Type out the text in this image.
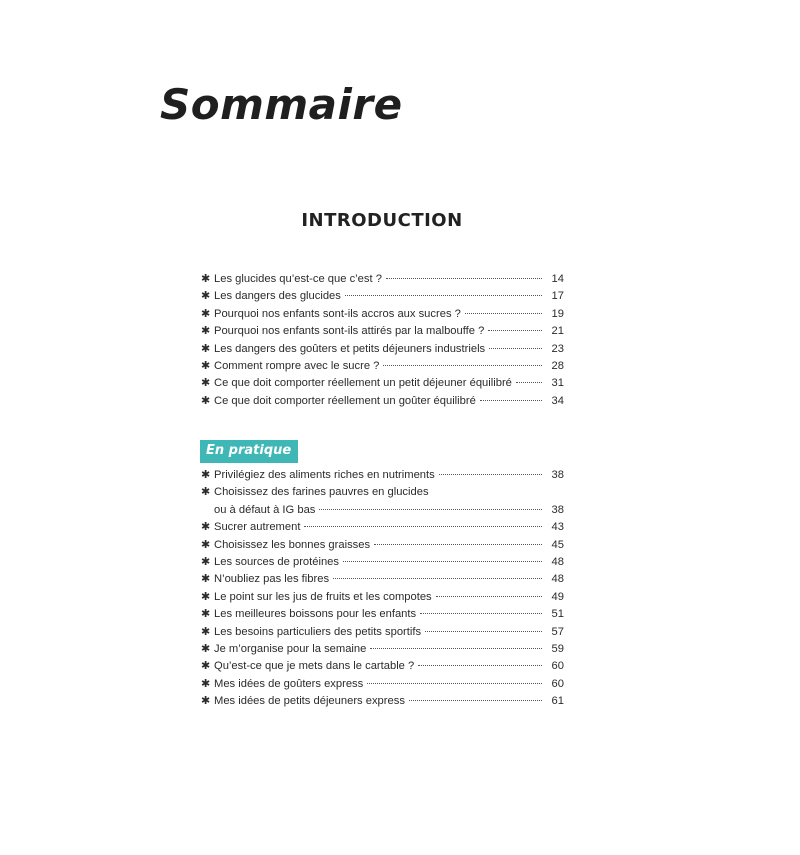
Sommaire
INTRODUCTION
✱ Les glucides qu’est-ce que c’est ?	14
✱ Les dangers des glucides	17
✱ Pourquoi nos enfants sont-ils accros aux sucres ?	19
✱ Pourquoi nos enfants sont-ils attirés par la malbouffe ?	21
✱ Les dangers des goûters et petits déjeuners industriels	23
✱ Comment rompre avec le sucre ?	28
✱ Ce que doit comporter réellement un petit déjeuner équilibré	31
✱ Ce que doit comporter réellement un goûter équilibré	34
En pratique
✱ Privilégiez des aliments riches en nutriments	38
✱ Choisissez des farines pauvres en glucides
ou à défaut à IG bas	38
✱ Sucrer autrement	43
✱ Choisissez les bonnes graisses	45
✱ Les sources de protéines	48
✱ N’oubliez pas les fibres	48
✱ Le point sur les jus de fruits et les compotes	49
✱ Les meilleures boissons pour les enfants	51
✱ Les besoins particuliers des petits sportifs	57
✱ Je m’organise pour la semaine	59
✱ Qu’est-ce que je mets dans le cartable ?	60
✱ Mes idées de goûters express	60
✱ Mes idées de petits déjeuners express	61
